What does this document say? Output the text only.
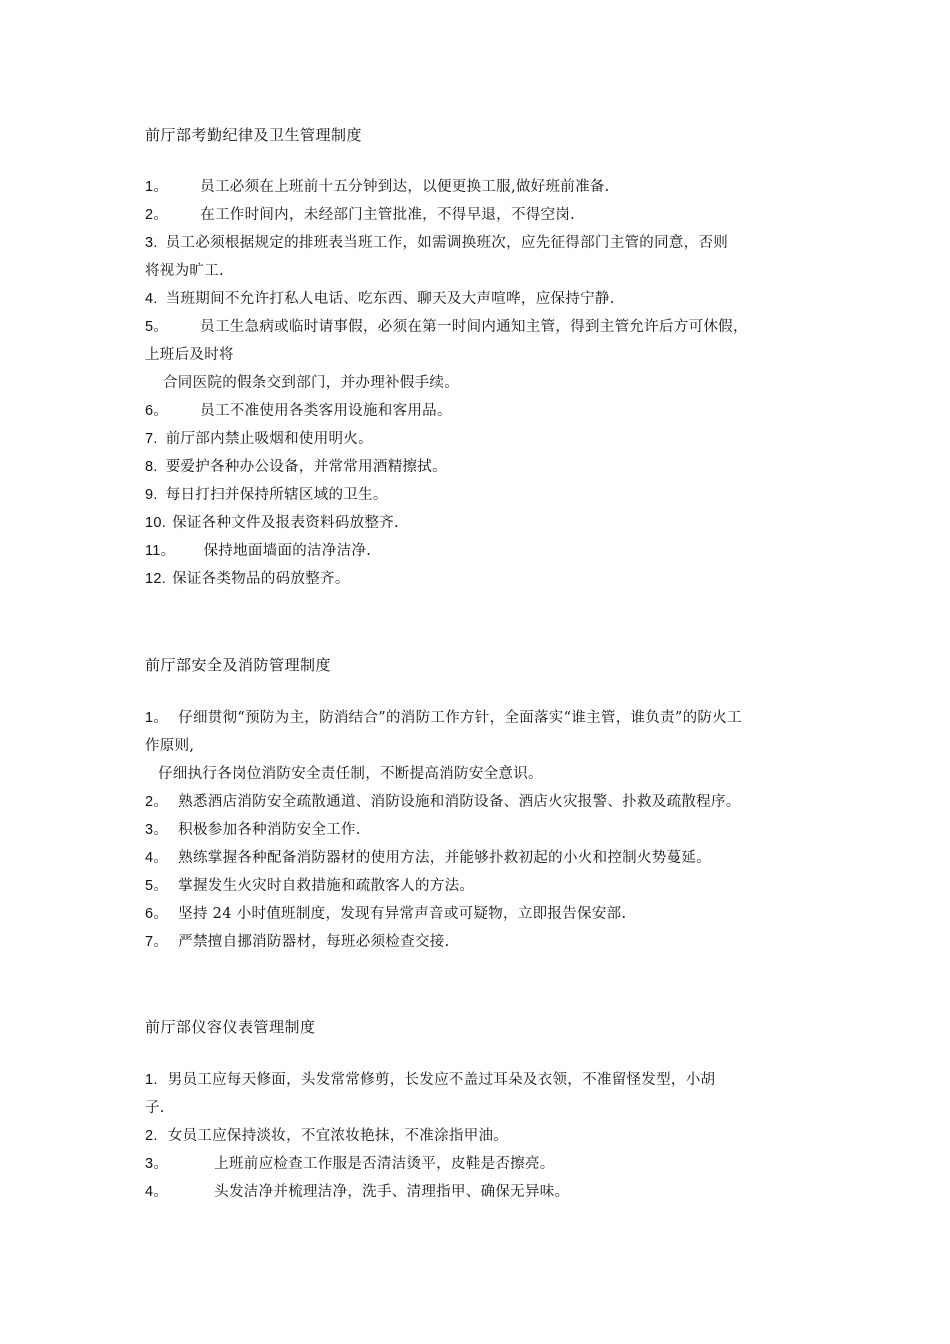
前厅部考勤纪律及卫生管理制度
1。 员工必须在上班前十五分钟到达，以便更换工服,做好班前准备.
2。 在工作时间内，未经部门主管批准，不得早退，不得空岗.
3. 员工必须根据规定的排班表当班工作，如需调换班次，应先征得部门主管的同意，否则
将视为旷工.
4. 当班期间不允许打私人电话、吃东西、聊天及大声喧哗，应保持宁静.
5。 员工生急病或临时请事假，必须在第一时间内通知主管，得到主管允许后方可休假，
上班后及时将
合同医院的假条交到部门，并办理补假手续。
6。 员工不准使用各类客用设施和客用品。
7. 前厅部内禁止吸烟和使用明火。
8. 要爱护各种办公设备，并常常用酒精擦拭。
9. 每日打扫并保持所辖区域的卫生。
10. 保证各种文件及报表资料码放整齐.
11。 保持地面墙面的洁净洁净.
12. 保证各类物品的码放整齐。
前厅部安全及消防管理制度
1。 仔细贯彻“预防为主，防消结合”的消防工作方针，全面落实“谁主管，谁负责”的防火工
作原则,
仔细执行各岗位消防安全责任制，不断提高消防安全意识。
2。 熟悉酒店消防安全疏散通道、消防设施和消防设备、酒店火灾报警、扑救及疏散程序。
3。 积极参加各种消防安全工作.
4。 熟练掌握各种配备消防器材的使用方法，并能够扑救初起的小火和控制火势蔓延。
5。 掌握发生火灾时自救措施和疏散客人的方法。
6。 坚持 24 小时值班制度，发现有异常声音或可疑物，立即报告保安部.
7。 严禁擅自挪消防器材，每班必须检查交接.
前厅部仪容仪表管理制度
1. 男员工应每天修面，头发常常修剪，长发应不盖过耳朵及衣领，不准留怪发型，小胡
子.
2. 女员工应保持淡妆，不宜浓妆艳抹，不准涂指甲油。
3。	上班前应检查工作服是否清洁烫平，皮鞋是否擦亮。
4。	头发洁净并梳理洁净，洗手、清理指甲、确保无异味。
